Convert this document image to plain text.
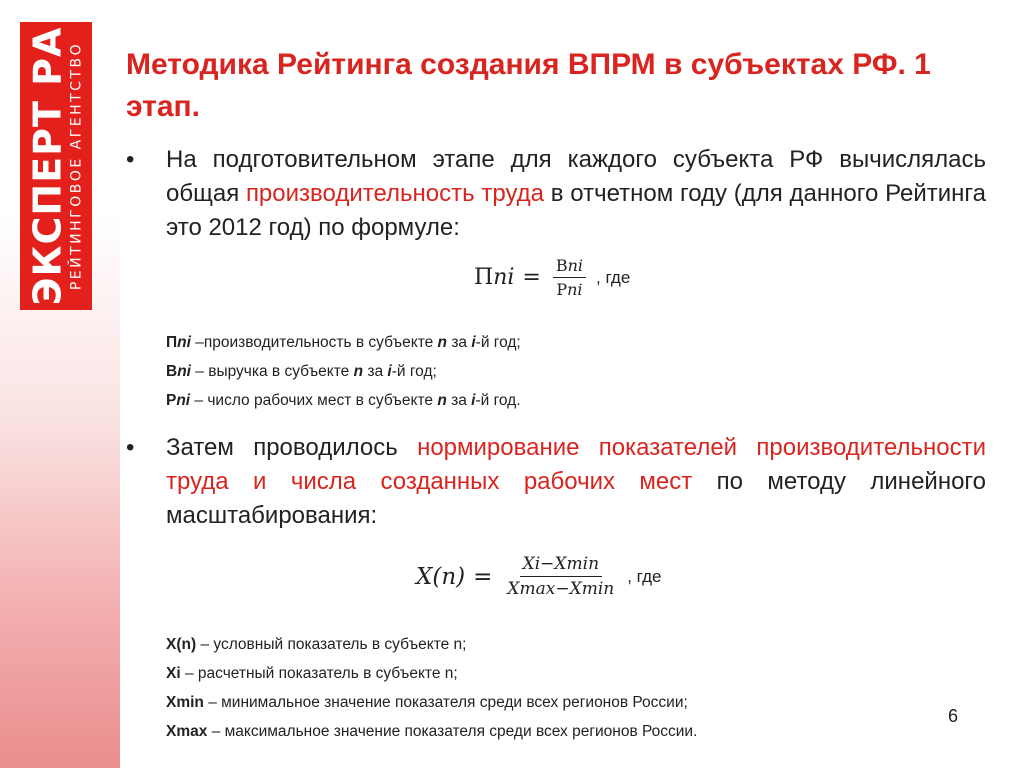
ЭКСПЕРТ РА РЕЙТИНГОВОЕ АГЕНТСТВО Методика Рейтинга создания ВПРМ в субъектах РФ. 1 этап.
• На подготовительном этапе для каждого субъекта РФ вычислялась общая производительность труда в отчетном году (для данного Рейтинга это 2012 год) по формуле:
Пni = $\frac{\text{Вni}}{\text{Рni}}$ , где
Пni –производительность в субъекте n за i-й год;
Вni – выручка в субъекте n за i-й год;
Рni – число рабочих мест в субъекте n за i-й год.
• Затем проводилось нормирование показателей производительности труда и числа созданных рабочих мест по методу линейного масштабирования:
$X(n) = \frac{Xi-Xmin}{Xmax-Xmin}$ , где
X(n) – условный показатель в субъекте n;
Xi – расчетный показатель в субъекте n;
Xmin – минимальное значение показателя среди всех регионов России;
Xmax – максимальное значение показателя среди всех регионов России.
6
